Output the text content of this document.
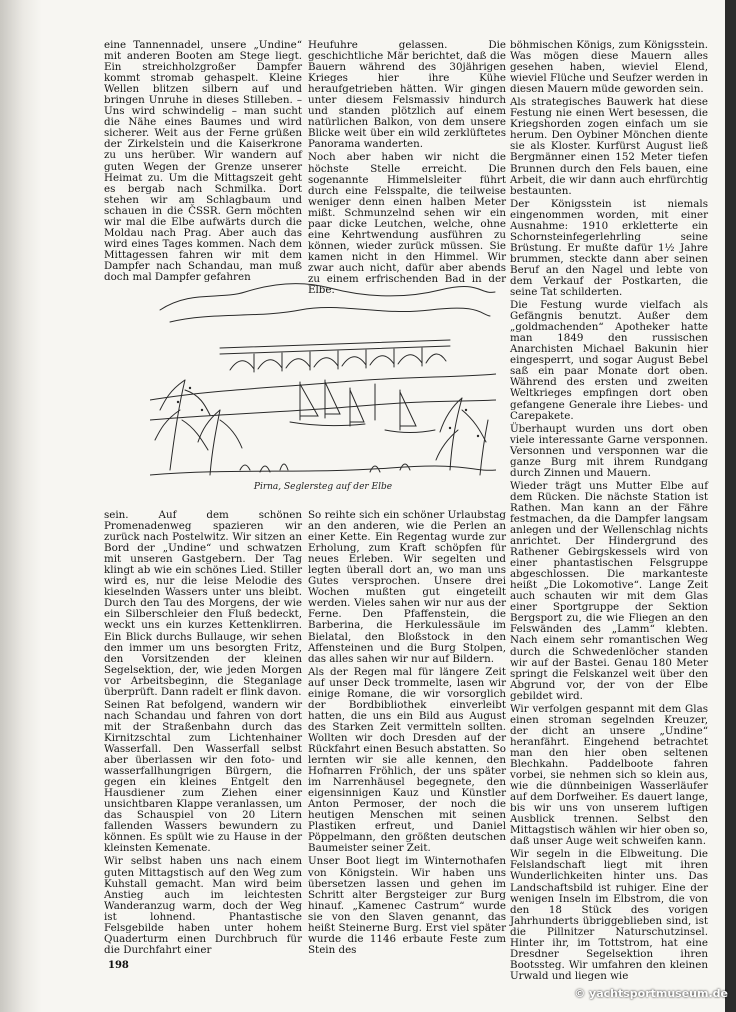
eine Tannennadel, unsere „Undine“ mit anderen Booten am Stege liegt. Ein streichholzgroßer Dampfer kommt stromab gehaspelt. Kleine Wellen blitzen silbern auf und bringen Unruhe in dieses Stilleben. – Uns wird schwindelig – man sucht die Nähe eines Baumes und wird sicherer. Weit aus der Ferne grüßen der Zirkelstein und die Kaiserkrone zu uns herüber. Wir wandern auf guten Wegen der Grenze unserer Heimat zu. Um die Mittagszeit geht es bergab nach Schmilka. Dort stehen wir am Schlagbaum und schauen in die ČSSR. Gern möchten wir mal die Elbe aufwärts durch die Moldau nach Prag. Aber auch das wird eines Tages kommen. Nach dem Mittagessen fahren wir mit dem Dampfer nach Schandau, man muß doch mal Dampfer gefahren

Heufuhre gelassen. Die geschichtliche Mär berichtet, daß die Bauern während des 30jährigen Krieges hier ihre Kühe heraufgetrieben hätten. Wir gingen unter diesem Felsmassiv hindurch und standen plötzlich auf einem natürlichen Balkon, von dem unsere Blicke weit über ein wild zerklüftetes Panorama wanderten.

Noch aber haben wir nicht die höchste Stelle erreicht. Die sogenannte Himmelsleiter führt durch eine Felsspalte, die teilweise weniger denn einen halben Meter mißt. Schmunzelnd sehen wir ein paar dicke Leutchen, welche, ohne eine Kehrtwendung ausführen zu können, wieder zurück müssen. Sie kamen nicht in den Himmel. Wir zwar auch nicht, dafür aber abends zu einem erfrischenden Bad in der Elbe.

Pirna, Seglersteg auf der Elbe

sein. Auf dem schönen Promenadenweg spazieren wir zurück nach Postelwitz. Wir sitzen an Bord der „Undine“ und schwatzen mit unseren Gastgebern. Der Tag klingt ab wie ein schönes Lied. Stiller wird es, nur die leise Melodie des kieselnden Wassers unter uns bleibt. Durch den Tau des Morgens, der wie ein Silberschleier den Fluß bedeckt, weckt uns ein kurzes Kettenklirren. Ein Blick durchs Bullauge, wir sehen den immer um uns besorgten Fritz, den Vorsitzenden der kleinen Segelsektion, der, wie jeden Morgen vor Arbeitsbeginn, die Steganlage überprüft. Dann radelt er flink davon.

Seinen Rat befolgend, wandern wir nach Schandau und fahren von dort mit der Straßenbahn durch das Kirnitzschtal zum Lichtenhainer Wasserfall. Den Wasserfall selbst aber überlassen wir den foto- und wasserfallhungrigen Bürgern, die gegen ein kleines Entgelt den Hausdiener zum Ziehen einer unsichtbaren Klappe veranlassen, um das Schauspiel von 20 Litern fallenden Wassers bewundern zu können. Es spült wie zu Hause in der kleinsten Kemenate.

Wir selbst haben uns nach einem guten Mittagstisch auf den Weg zum Kuhstall gemacht. Man wird beim Anstieg auch im leichtesten Wanderanzug warm, doch der Weg ist lohnend. Phantastische Felsgebilde haben unter hohem Quaderturm einen Durchbruch für die Durchfahrt einer

So reihte sich ein schöner Urlaubstag an den anderen, wie die Perlen an einer Kette. Ein Regentag wurde zur Erholung, zum Kraft schöpfen für neues Erleben. Wir segelten und legten überall dort an, wo man uns Gutes versprochen. Unsere drei Wochen mußten gut eingeteilt werden. Vieles sahen wir nur aus der Ferne. Den Pfaffenstein, die Barberina, die Herkulessäule im Bielatal, den Bloßstock in den Affensteinen und die Burg Stolpen, das alles sahen wir nur auf Bildern.

Als der Regen mal für längere Zeit auf unser Deck trommelte, lasen wir einige Romane, die wir vorsorglich der Bordbibliothek einverleibt hatten, die uns ein Bild aus August des Starken Zeit vermitteln sollten. Wollten wir doch Dresden auf der Rückfahrt einen Besuch abstatten. So lernten wir sie alle kennen, den Hofnarren Fröhlich, der uns später im Narrenhäusel begegnete, den eigensinnigen Kauz und Künstler Anton Permoser, der noch die heutigen Menschen mit seinen Plastiken erfreut, und Daniel Pöppelmann, den größten deutschen Baumeister seiner Zeit.

Unser Boot liegt im Winternothafen von Königstein. Wir haben uns übersetzen lassen und gehen im Schritt alter Bergsteiger zur Burg hinauf. „Kamenec Castrum“ wurde sie von den Slaven genannt, das heißt Steinerne Burg. Erst viel später wurde die 1146 erbaute Feste zum Stein des

böhmischen Königs, zum Königsstein. Was mögen diese Mauern alles gesehen haben, wieviel Elend, wieviel Flüche und Seufzer werden in diesen Mauern müde geworden sein.

Als strategisches Bauwerk hat diese Festung nie einen Wert besessen, die Kriegshorden zogen einfach um sie herum. Den Oybiner Mönchen diente sie als Kloster. Kurfürst August ließ Bergmänner einen 152 Meter tiefen Brunnen durch den Fels bauen, eine Arbeit, die wir dann auch ehrfürchtig bestaunten.

Der Königsstein ist niemals eingenommen worden, mit einer Ausnahme: 1910 erkletterte ein Schornsteinfegerlehrling seine Brüstung. Er mußte dafür 1½ Jahre brummen, steckte dann aber seinen Beruf an den Nagel und lebte von dem Verkauf der Postkarten, die seine Tat schilderten.

Die Festung wurde vielfach als Gefängnis benutzt. Außer dem „goldmachenden“ Apotheker hatte man 1849 den russischen Anarchisten Michael Bakunin hier eingesperrt, und sogar August Bebel saß ein paar Monate dort oben. Während des ersten und zweiten Weltkrieges empfingen dort oben gefangene Generale ihre Liebes- und Carepakete.

Überhaupt wurden uns dort oben viele interessante Garne versponnen. Versonnen und versponnen war die ganze Burg mit ihrem Rundgang durch Zinnen und Mauern.

Wieder trägt uns Mutter Elbe auf dem Rücken. Die nächste Station ist Rathen. Man kann an der Fähre festmachen, da die Dampfer langsam anlegen und der Wellenschlag nichts anrichtet. Der Hindergrund des Rathener Gebirgskessels wird von einer phantastischen Felsgruppe abgeschlossen. Die markanteste heißt „Die Lokomotive“. Lange Zeit auch schauten wir mit dem Glas einer Sportgruppe der Sektion Bergsport zu, die wie Fliegen an den Felswänden des „Lamm“ klebten. Nach einem sehr romantischen Weg durch die Schwedenlöcher standen wir auf der Bastei. Genau 180 Meter springt die Felskanzel weit über den Abgrund vor, der von der Elbe gebildet wird.

Wir verfolgen gespannt mit dem Glas einen stroman segelnden Kreuzer, der dicht an unsere „Undine“ heranfährt. Eingehend betrachtet man den hier oben seltenen Blechkahn. Paddelboote fahren vorbei, sie nehmen sich so klein aus, wie die dünnbeinigen Wasserläufer auf dem Dorfweiher. Es dauert lange, bis wir uns von unserem luftigen Ausblick trennen. Selbst den Mittagstisch wählen wir hier oben so, daß unser Auge weit schweifen kann.

Wir segeln in die Elbweitung. Die Felslandschaft liegt mit ihren Wunderlichkeiten hinter uns. Das Landschaftsbild ist ruhiger. Eine der wenigen Inseln im Elbstrom, die von den 18 Stück des vorigen Jahrhunderts übriggeblieben sind, ist die Pillnitzer Naturschutzinsel. Hinter ihr, im Tottstrom, hat eine Dresdner Segelsektion ihren Bootssteg. Wir umfahren den kleinen Urwald und liegen wie

198
© yachtsportmuseum.de
